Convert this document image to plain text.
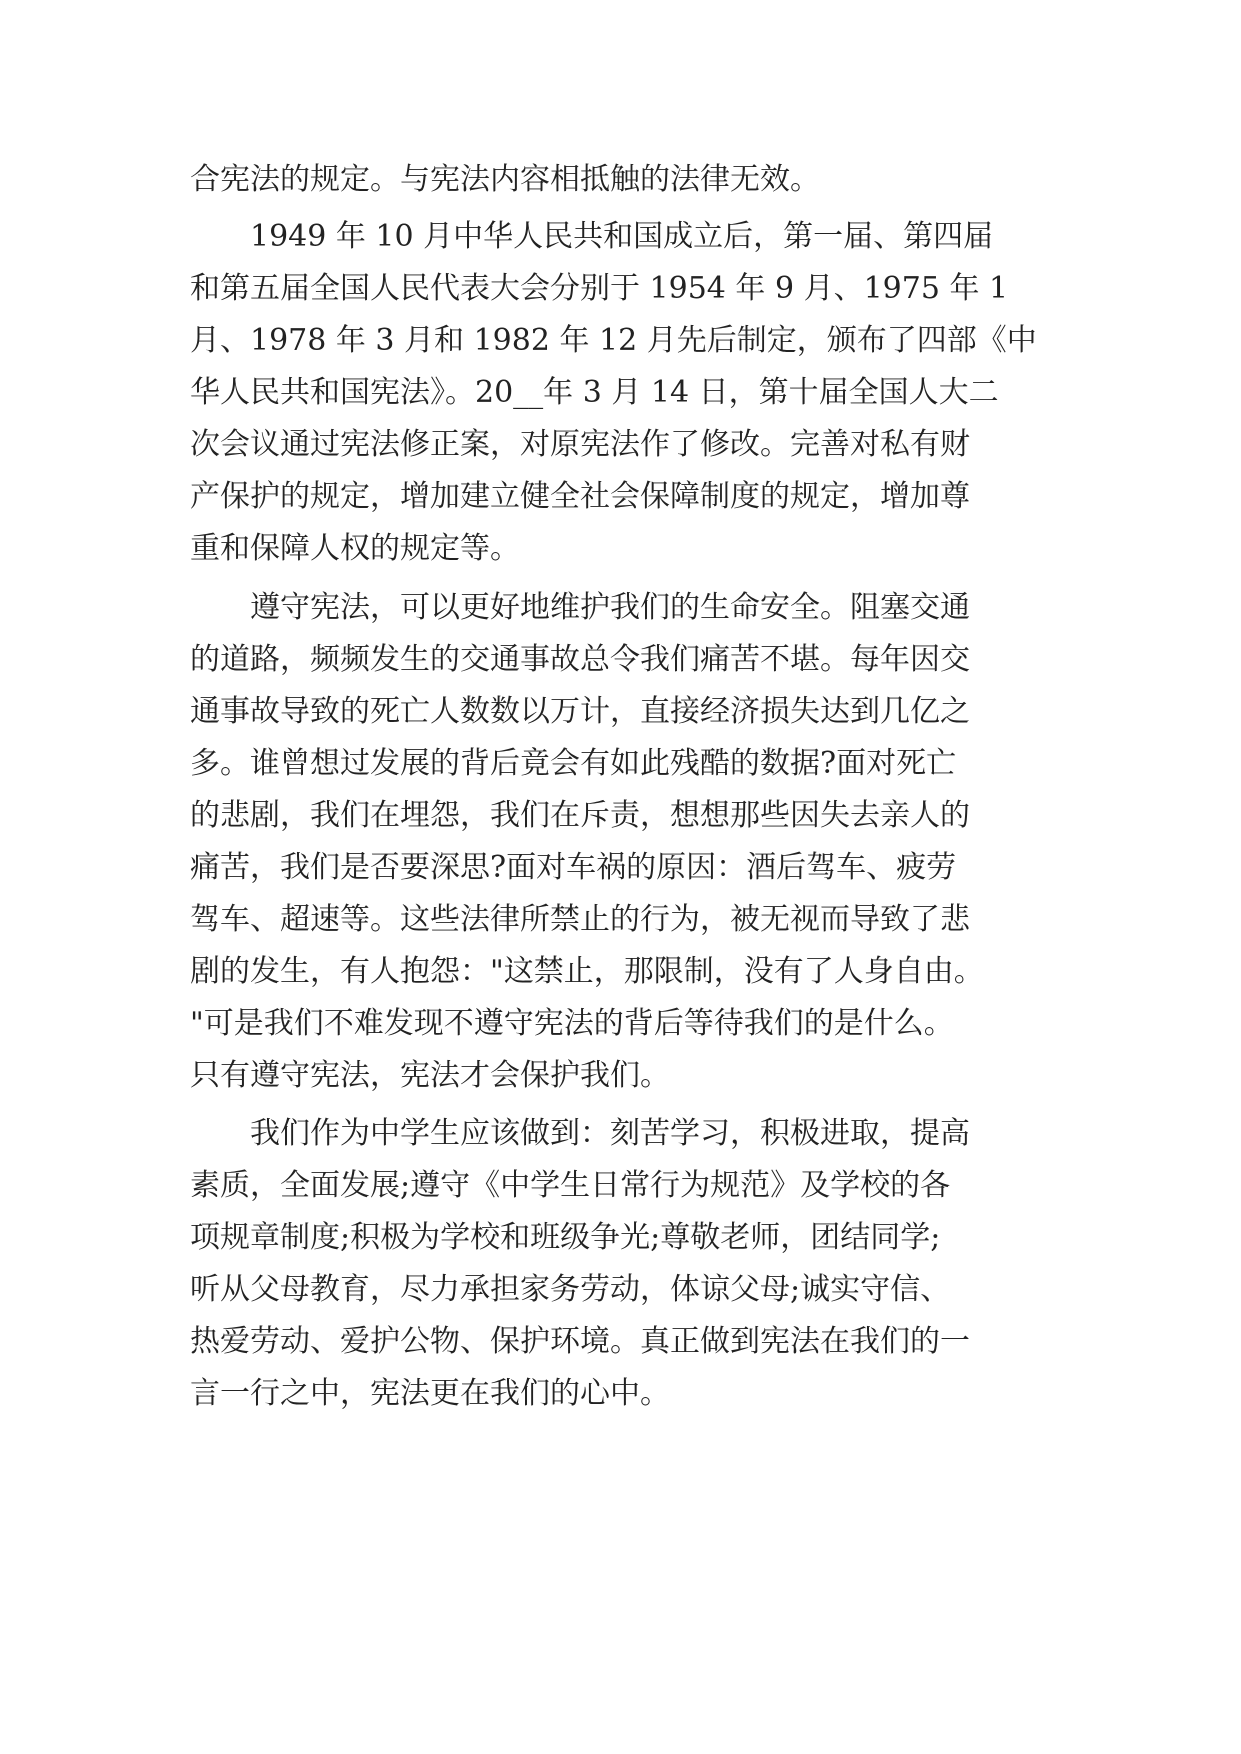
合宪法的规定。与宪法内容相抵触的法律无效。
1949 年 10 月中华人民共和国成立后，第一届、第四届
和第五届全国人民代表大会分别于 1954 年 9 月、1975 年 1
月、1978 年 3 月和 1982 年 12 月先后制定，颁布了四部《中
华人民共和国宪法》。20__年 3 月 14 日，第十届全国人大二
次会议通过宪法修正案，对原宪法作了修改。完善对私有财
产保护的规定，增加建立健全社会保障制度的规定，增加尊
重和保障人权的规定等。
遵守宪法，可以更好地维护我们的生命安全。阻塞交通
的道路，频频发生的交通事故总令我们痛苦不堪。每年因交
通事故导致的死亡人数数以万计，直接经济损失达到几亿之
多。谁曾想过发展的背后竟会有如此残酷的数据?面对死亡
的悲剧，我们在埋怨，我们在斥责，想想那些因失去亲人的
痛苦，我们是否要深思?面对车祸的原因：酒后驾车、疲劳
驾车、超速等。这些法律所禁止的行为，被无视而导致了悲
剧的发生，有人抱怨："这禁止，那限制，没有了人身自由。
"可是我们不难发现不遵守宪法的背后等待我们的是什么。
只有遵守宪法，宪法才会保护我们。
我们作为中学生应该做到：刻苦学习，积极进取，提高
素质，全面发展;遵守《中学生日常行为规范》及学校的各
项规章制度;积极为学校和班级争光;尊敬老师，团结同学;
听从父母教育，尽力承担家务劳动，体谅父母;诚实守信、
热爱劳动、爱护公物、保护环境。真正做到宪法在我们的一
言一行之中，宪法更在我们的心中。
